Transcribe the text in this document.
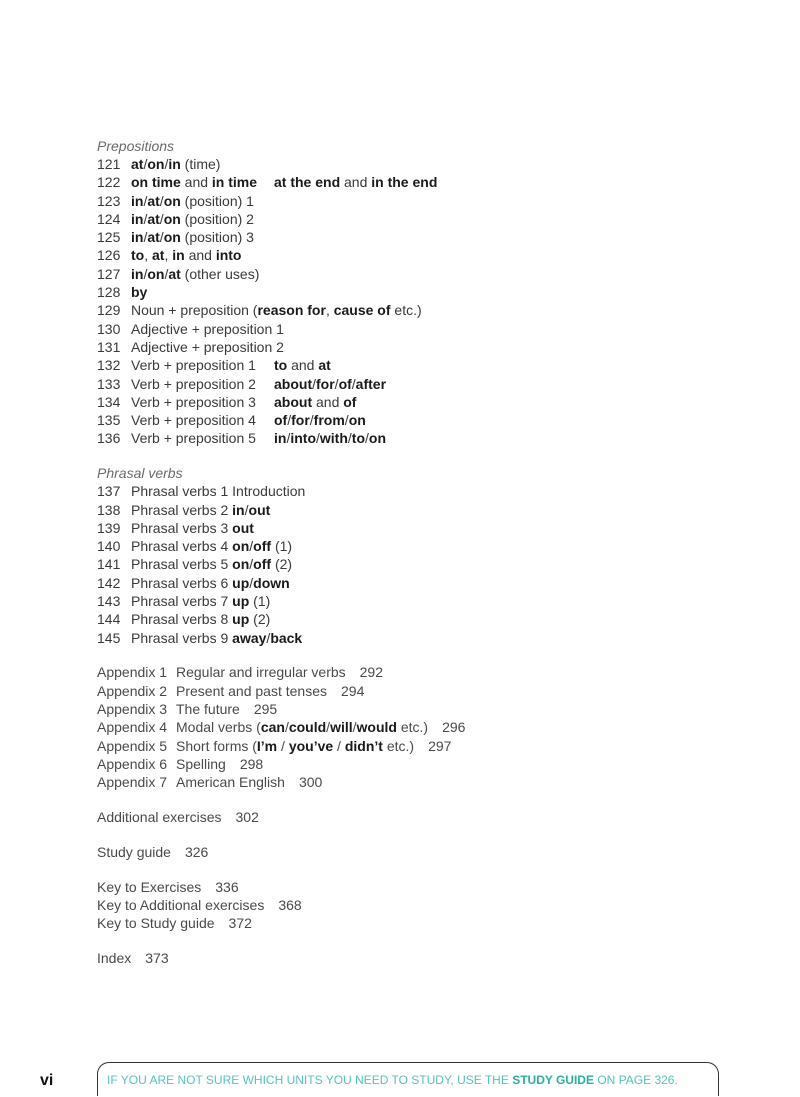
Prepositions
121 at/on/in (time)
122 on time and in time	at the end and in the end
123 in/at/on (position) 1
124 in/at/on (position) 2
125 in/at/on (position) 3
126 to, at, in and into
127 in/on/at (other uses)
128 by
129 Noun + preposition (reason for, cause of etc.)
130 Adjective + preposition 1
131 Adjective + preposition 2
132 Verb + preposition 1	to and at
133 Verb + preposition 2	about/for/of/after
134 Verb + preposition 3	about and of
135 Verb + preposition 4	of/for/from/on
136 Verb + preposition 5	in/into/with/to/on
Phrasal verbs
137 Phrasal verbs 1 Introduction
138 Phrasal verbs 2 in/out
139 Phrasal verbs 3 out
140 Phrasal verbs 4 on/off (1)
141 Phrasal verbs 5 on/off (2)
142 Phrasal verbs 6 up/down
143 Phrasal verbs 7 up (1)
144 Phrasal verbs 8 up (2)
145 Phrasal verbs 9 away/back
Appendix 1 Regular and irregular verbs 292
Appendix 2 Present and past tenses 294
Appendix 3 The future 295
Appendix 4 Modal verbs (can/could/will/would etc.) 296
Appendix 5 Short forms (I’m / you’ve / didn’t etc.) 297
Appendix 6 Spelling 298
Appendix 7 American English 300
Additional exercises 302
Study guide 326
Key to Exercises 336
Key to Additional exercises 368
Key to Study guide 372
Index 373
vi	IF YOU ARE NOT SURE WHICH UNITS YOU NEED TO STUDY, USE THE STUDY GUIDE ON PAGE 326.
